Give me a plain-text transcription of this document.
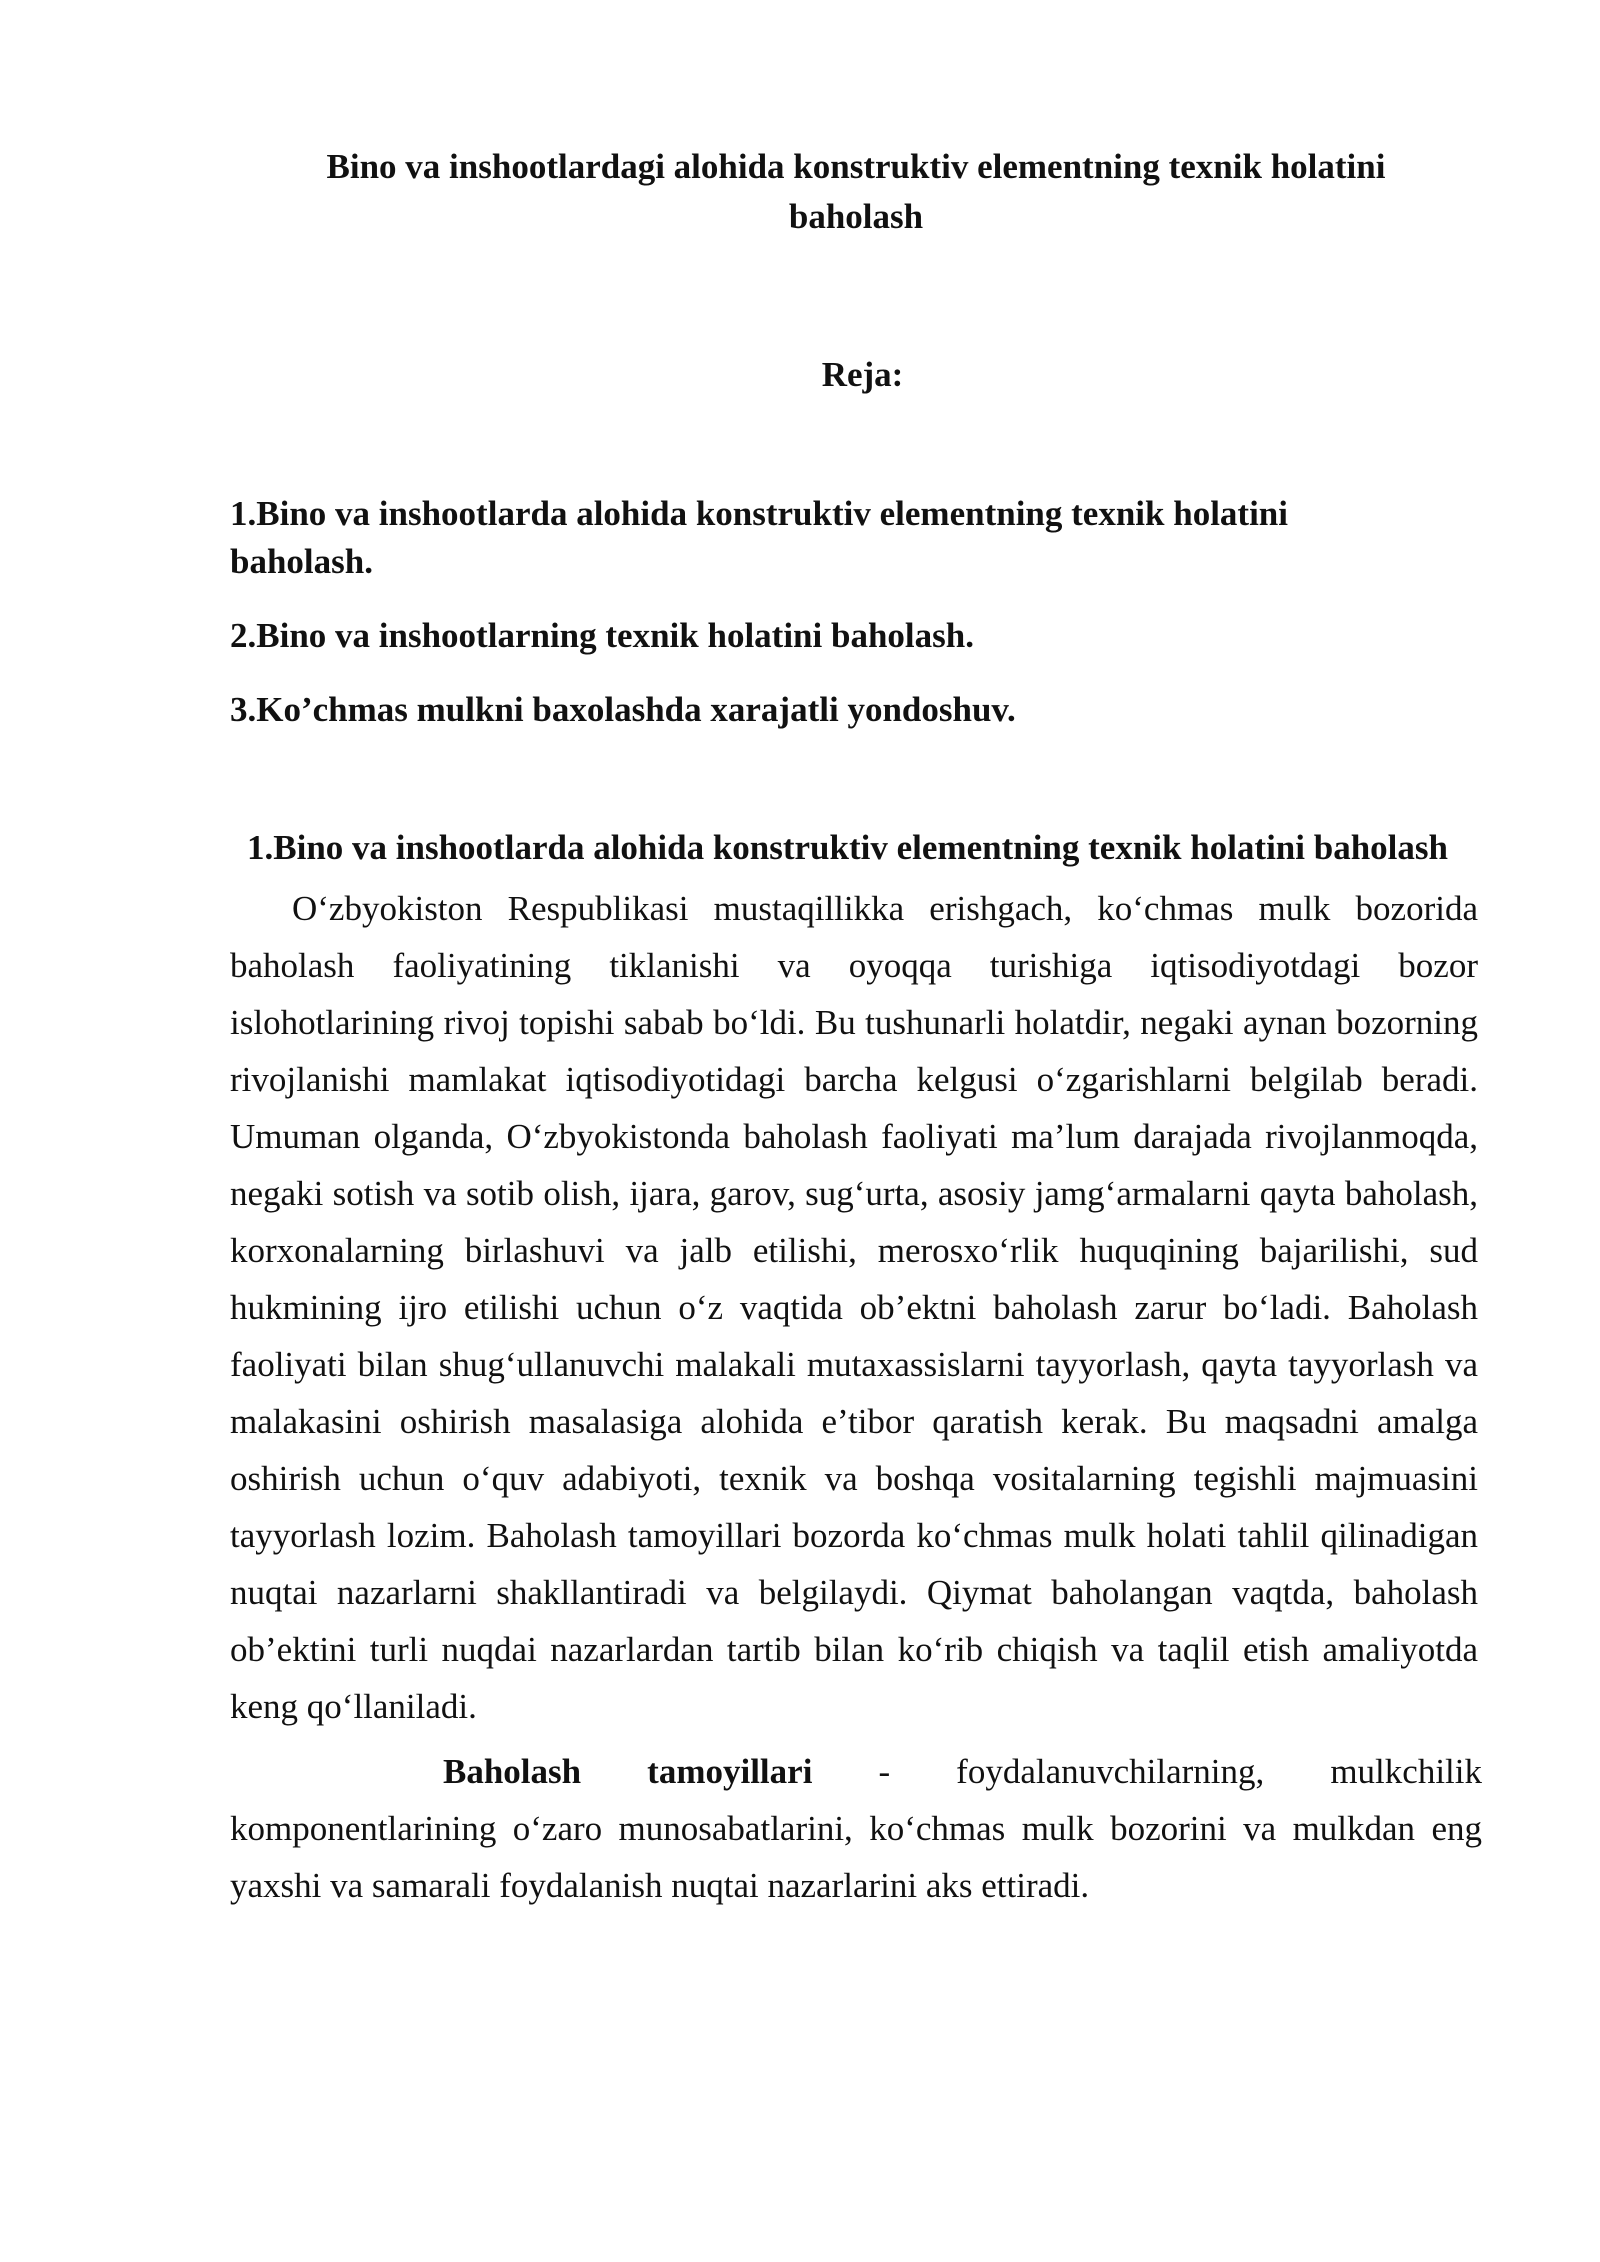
Bino va inshootlardagi alohida konstruktiv elementning texnik holatini baholash
Reja:
1.Bino va inshootlarda alohida konstruktiv elementning texnik holatini baholash.
2.Bino va inshootlarning texnik holatini baholash.
3.Ko’chmas mulkni baxolashda xarajatli yondoshuv.
1.Bino va inshootlarda alohida konstruktiv elementning texnik holatini baholash

O‘zbyokiston Respublikasi mustaqillikka erishgach, ko‘chmas mulk bozorida baholash faoliyatining tiklanishi va oyoqqa turishiga iqtisodiyotdagi bozor islohotlarining rivoj topishi sabab bo‘ldi. Bu tushunarli holatdir, negaki aynan bozorning rivojlanishi mamlakat iqtisodiyotidagi barcha kelgusi o‘zgarishlarni belgilab beradi. Umuman olganda, O‘zbyokistonda baholash faoliyati ma’lum darajada rivojlanmoqda, negaki sotish va sotib olish, ijara, garov, sug‘urta, asosiy jamg‘armalarni qayta baholash, korxonalarning birlashuvi va jalb etilishi, merosxo‘rlik huquqining bajarilishi, sud hukmining ijro etilishi uchun o‘z vaqtida ob’ektni baholash zarur bo‘ladi. Baholash faoliyati bilan shug‘ullanuvchi malakali mutaxassislarni tayyorlash, qayta tayyorlash va malakasini oshirish masalasiga alohida e’tibor qaratish kerak. Bu maqsadni amalga oshirish uchun o‘quv adabiyoti, texnik va boshqa vositalarning tegishli majmuasini tayyorlash lozim. Baholash tamoyillari bozorda ko‘chmas mulk holati tahlil qilinadigan nuqtai nazarlarni shakllantiradi va belgilaydi. Qiymat baholangan vaqtda, baholash ob’ektini turli nuqdai nazarlardan tartib bilan ko‘rib chiqish va taqlil etish amaliyotda keng qo‘llaniladi.

Baholash tamoyillari - foydalanuvchilarning, mulkchilik komponentlarining o‘zaro munosabatlarini, ko‘chmas mulk bozorini va mulkdan eng yaxshi va samarali foydalanish nuqtai nazarlarini aks ettiradi.
